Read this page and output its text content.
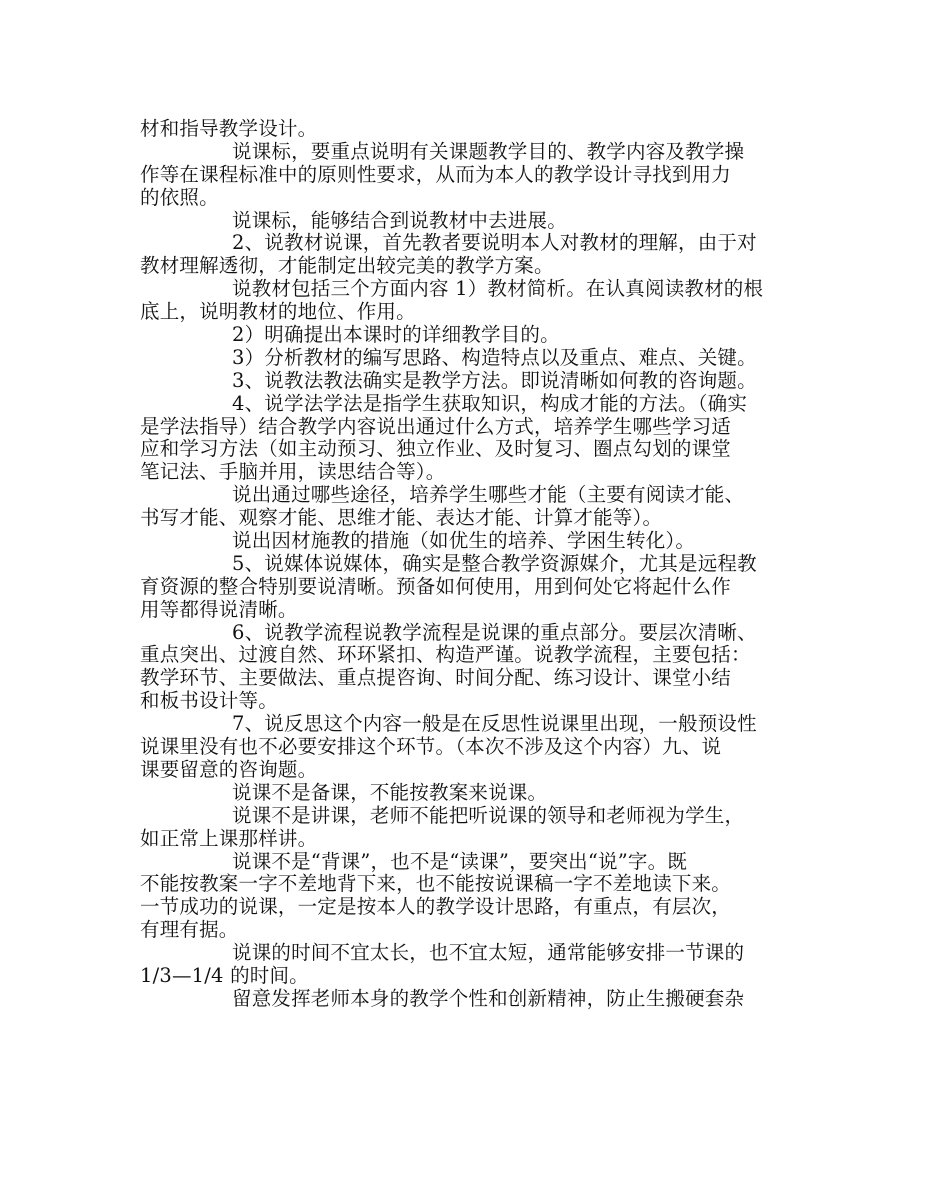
材和指导教学设计。
说课标，要重点说明有关课题教学目的、教学内容及教学操
作等在课程标准中的原则性要求，从而为本人的教学设计寻找到用力
的依照。
说课标，能够结合到说教材中去进展。
2、说教材说课，首先教者要说明本人对教材的理解，由于对
教材理解透彻，才能制定出较完美的教学方案。
说教材包括三个方面内容 1）教材简析。在认真阅读教材的根
底上，说明教材的地位、作用。
2）明确提出本课时的详细教学目的。
3）分析教材的编写思路、构造特点以及重点、难点、关键。
3、说教法教法确实是教学方法。即说清晰如何教的咨询题。
4、说学法学法是指学生获取知识，构成才能的方法。（确实
是学法指导）结合教学内容说出通过什么方式，培养学生哪些学习适
应和学习方法（如主动预习、独立作业、及时复习、圈点勾划的课堂
笔记法、手脑并用，读思结合等）。
说出通过哪些途径，培养学生哪些才能（主要有阅读才能、
书写才能、观察才能、思维才能、表达才能、计算才能等）。
说出因材施教的措施（如优生的培养、学困生转化）。
5、说媒体说媒体，确实是整合教学资源媒介，尤其是远程教
育资源的整合特别要说清晰。预备如何使用，用到何处它将起什么作
用等都得说清晰。
6、说教学流程说教学流程是说课的重点部分。要层次清晰、
重点突出、过渡自然、环环紧扣、构造严谨。说教学流程，主要包括：
教学环节、主要做法、重点提咨询、时间分配、练习设计、课堂小结
和板书设计等。
7、说反思这个内容一般是在反思性说课里出现，一般预设性
说课里没有也不必要安排这个环节。（本次不涉及这个内容）九、说
课要留意的咨询题。
说课不是备课，不能按教案来说课。
说课不是讲课，老师不能把听说课的领导和老师视为学生，
如正常上课那样讲。
说课不是“背课”，也不是“读课”，要突出“说”字。既
不能按教案一字不差地背下来，也不能按说课稿一字不差地读下来。
一节成功的说课，一定是按本人的教学设计思路，有重点，有层次，
有理有据。
说课的时间不宜太长，也不宜太短，通常能够安排一节课的
1/3—1/4 的时间。
留意发挥老师本身的教学个性和创新精神，防止生搬硬套杂
